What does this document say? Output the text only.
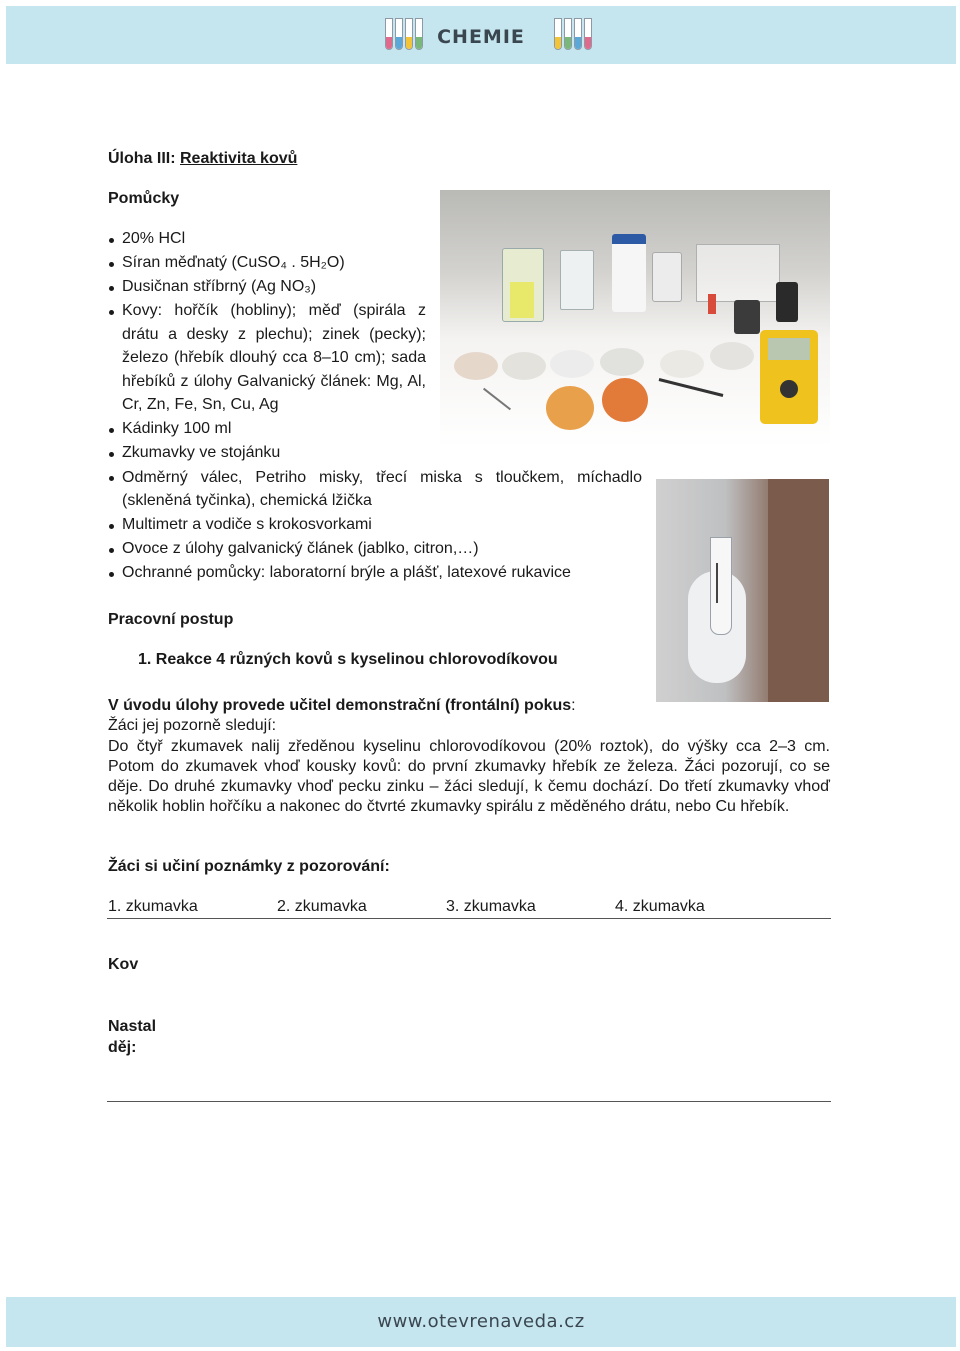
CHEMIE
Úloha III: Reaktivita kovů
Pomůcky
20% HCl
Síran měďnatý (CuSO₄ . 5H₂O)
Dusičnan stříbrný (Ag NO₃)
Kovy: hořčík (hobliny); měď (spirála z drátu a desky z plechu); zinek (pecky); železo (hřebík dlouhý cca 8–10 cm); sada hřebíků z úlohy Galvanický článek: Mg, Al, Cr, Zn, Fe, Sn, Cu, Ag
Kádinky 100 ml
Zkumavky ve stojánku
Odměrný válec, Petriho misky, třecí miska s tloučkem, míchadlo (skleněná tyčinka), chemická lžička
Multimetr a vodiče s krokosvorkami
Ovoce z úlohy galvanický článek (jablko, citron,…)
Ochranné pomůcky: laboratorní brýle a plášť, latexové rukavice
Pracovní postup
1. Reakce 4 různých kovů s kyselinou chlorovodíkovou
V úvodu úlohy provede učitel demonstrační (frontální) pokus:
Žáci jej pozorně sledují:
Do čtyř zkumavek nalij zředěnou kyselinu chlorovodíkovou (20% roztok), do výšky cca 2–3 cm. Potom do zkumavek vhoď kousky kovů: do první zkumavky hřebík ze železa. Žáci pozorují, co se děje. Do druhé zkumavky vhoď pecku zinku – žáci sledují, k čemu dochází. Do třetí zkumavky vhoď několik hoblin hořčíku a nakonec do čtvrté zkumavky spirálu z měděného drátu, nebo Cu hřebík.
Žáci si učiní poznámky z pozorování:
1. zkumavka	2. zkumavka	3. zkumavka	4. zkumavka
Kov
Nastal
děj:
www.otevrenaveda.cz
